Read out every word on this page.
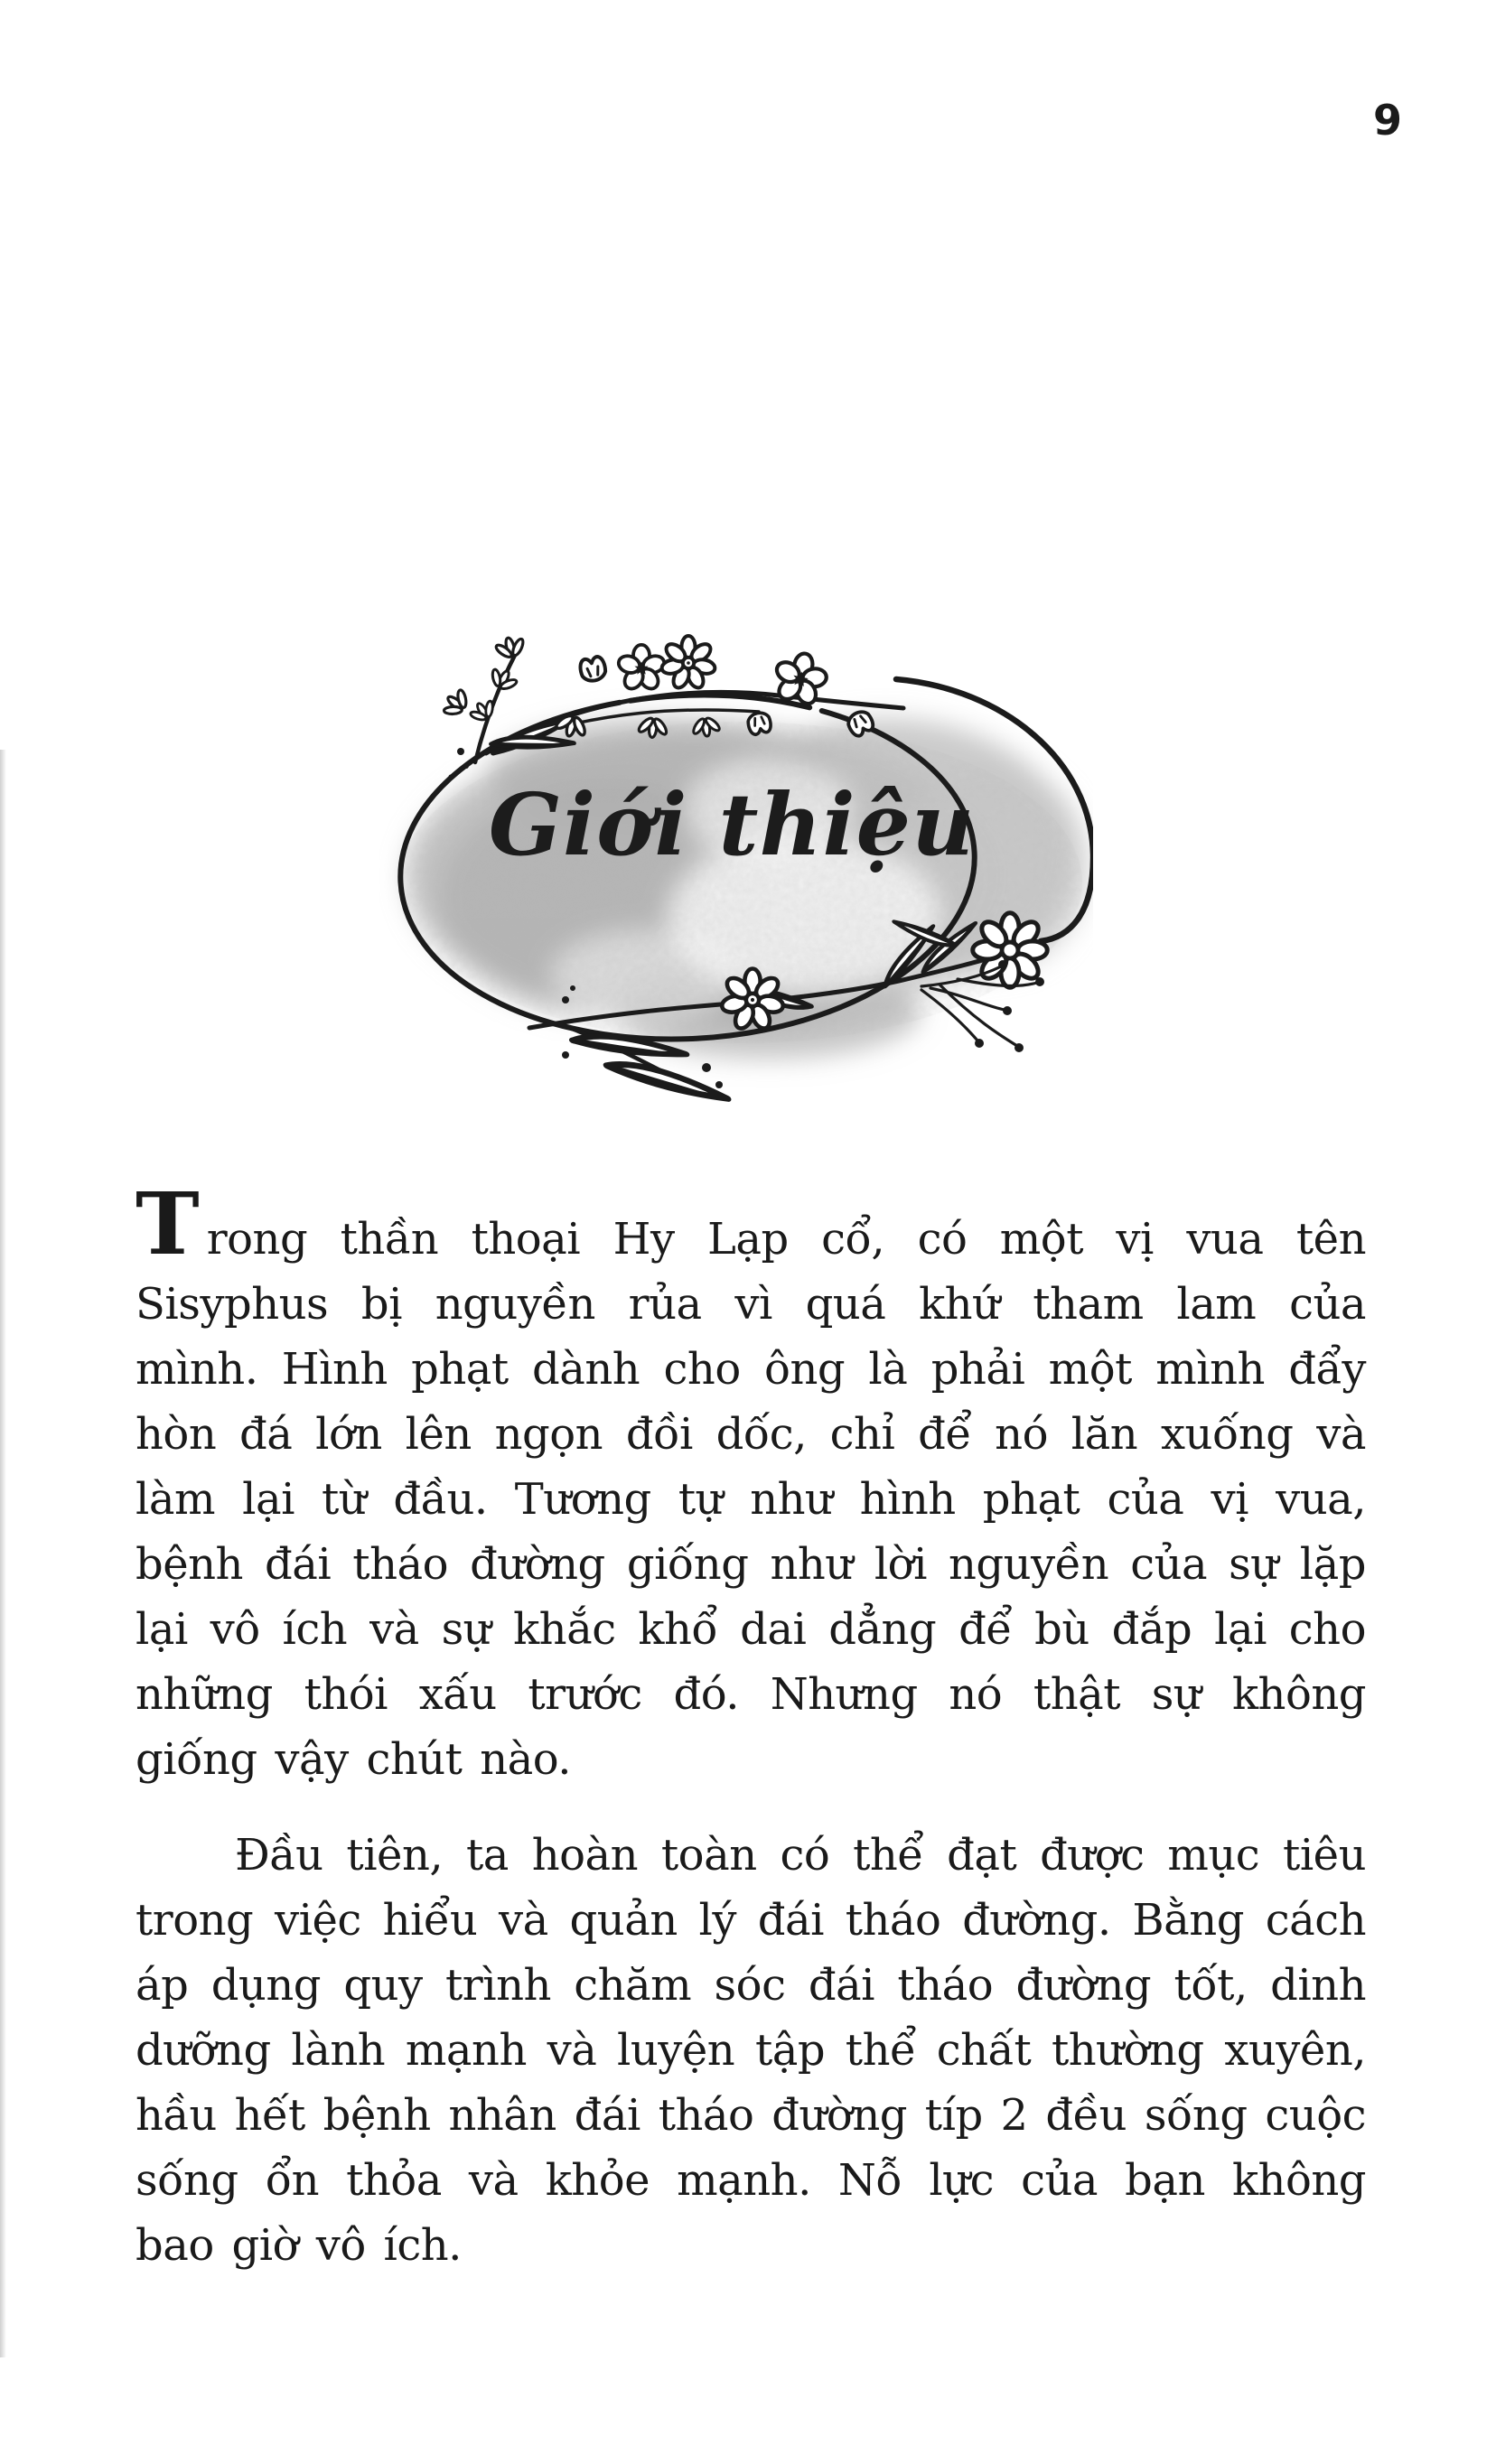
9
Giới thiệu

Trong thần thoại Hy Lạp cổ, có một vị vua tên Sisyphus bị nguyền rủa vì quá khứ tham lam của mình. Hình phạt dành cho ông là phải một mình đẩy hòn đá lớn lên ngọn đồi dốc, chỉ để nó lăn xuống và làm lại từ đầu. Tương tự như hình phạt của vị vua, bệnh đái tháo đường giống như lời nguyền của sự lặp lại vô ích và sự khắc khổ dai dẳng để bù đắp lại cho những thói xấu trước đó. Nhưng nó thật sự không giống vậy chút nào.

Đầu tiên, ta hoàn toàn có thể đạt được mục tiêu trong việc hiểu và quản lý đái tháo đường. Bằng cách áp dụng quy trình chăm sóc đái tháo đường tốt, dinh dưỡng lành mạnh và luyện tập thể chất thường xuyên, hầu hết bệnh nhân đái tháo đường típ 2 đều sống cuộc sống ổn thỏa và khỏe mạnh. Nỗ lực của bạn không bao giờ vô ích.
